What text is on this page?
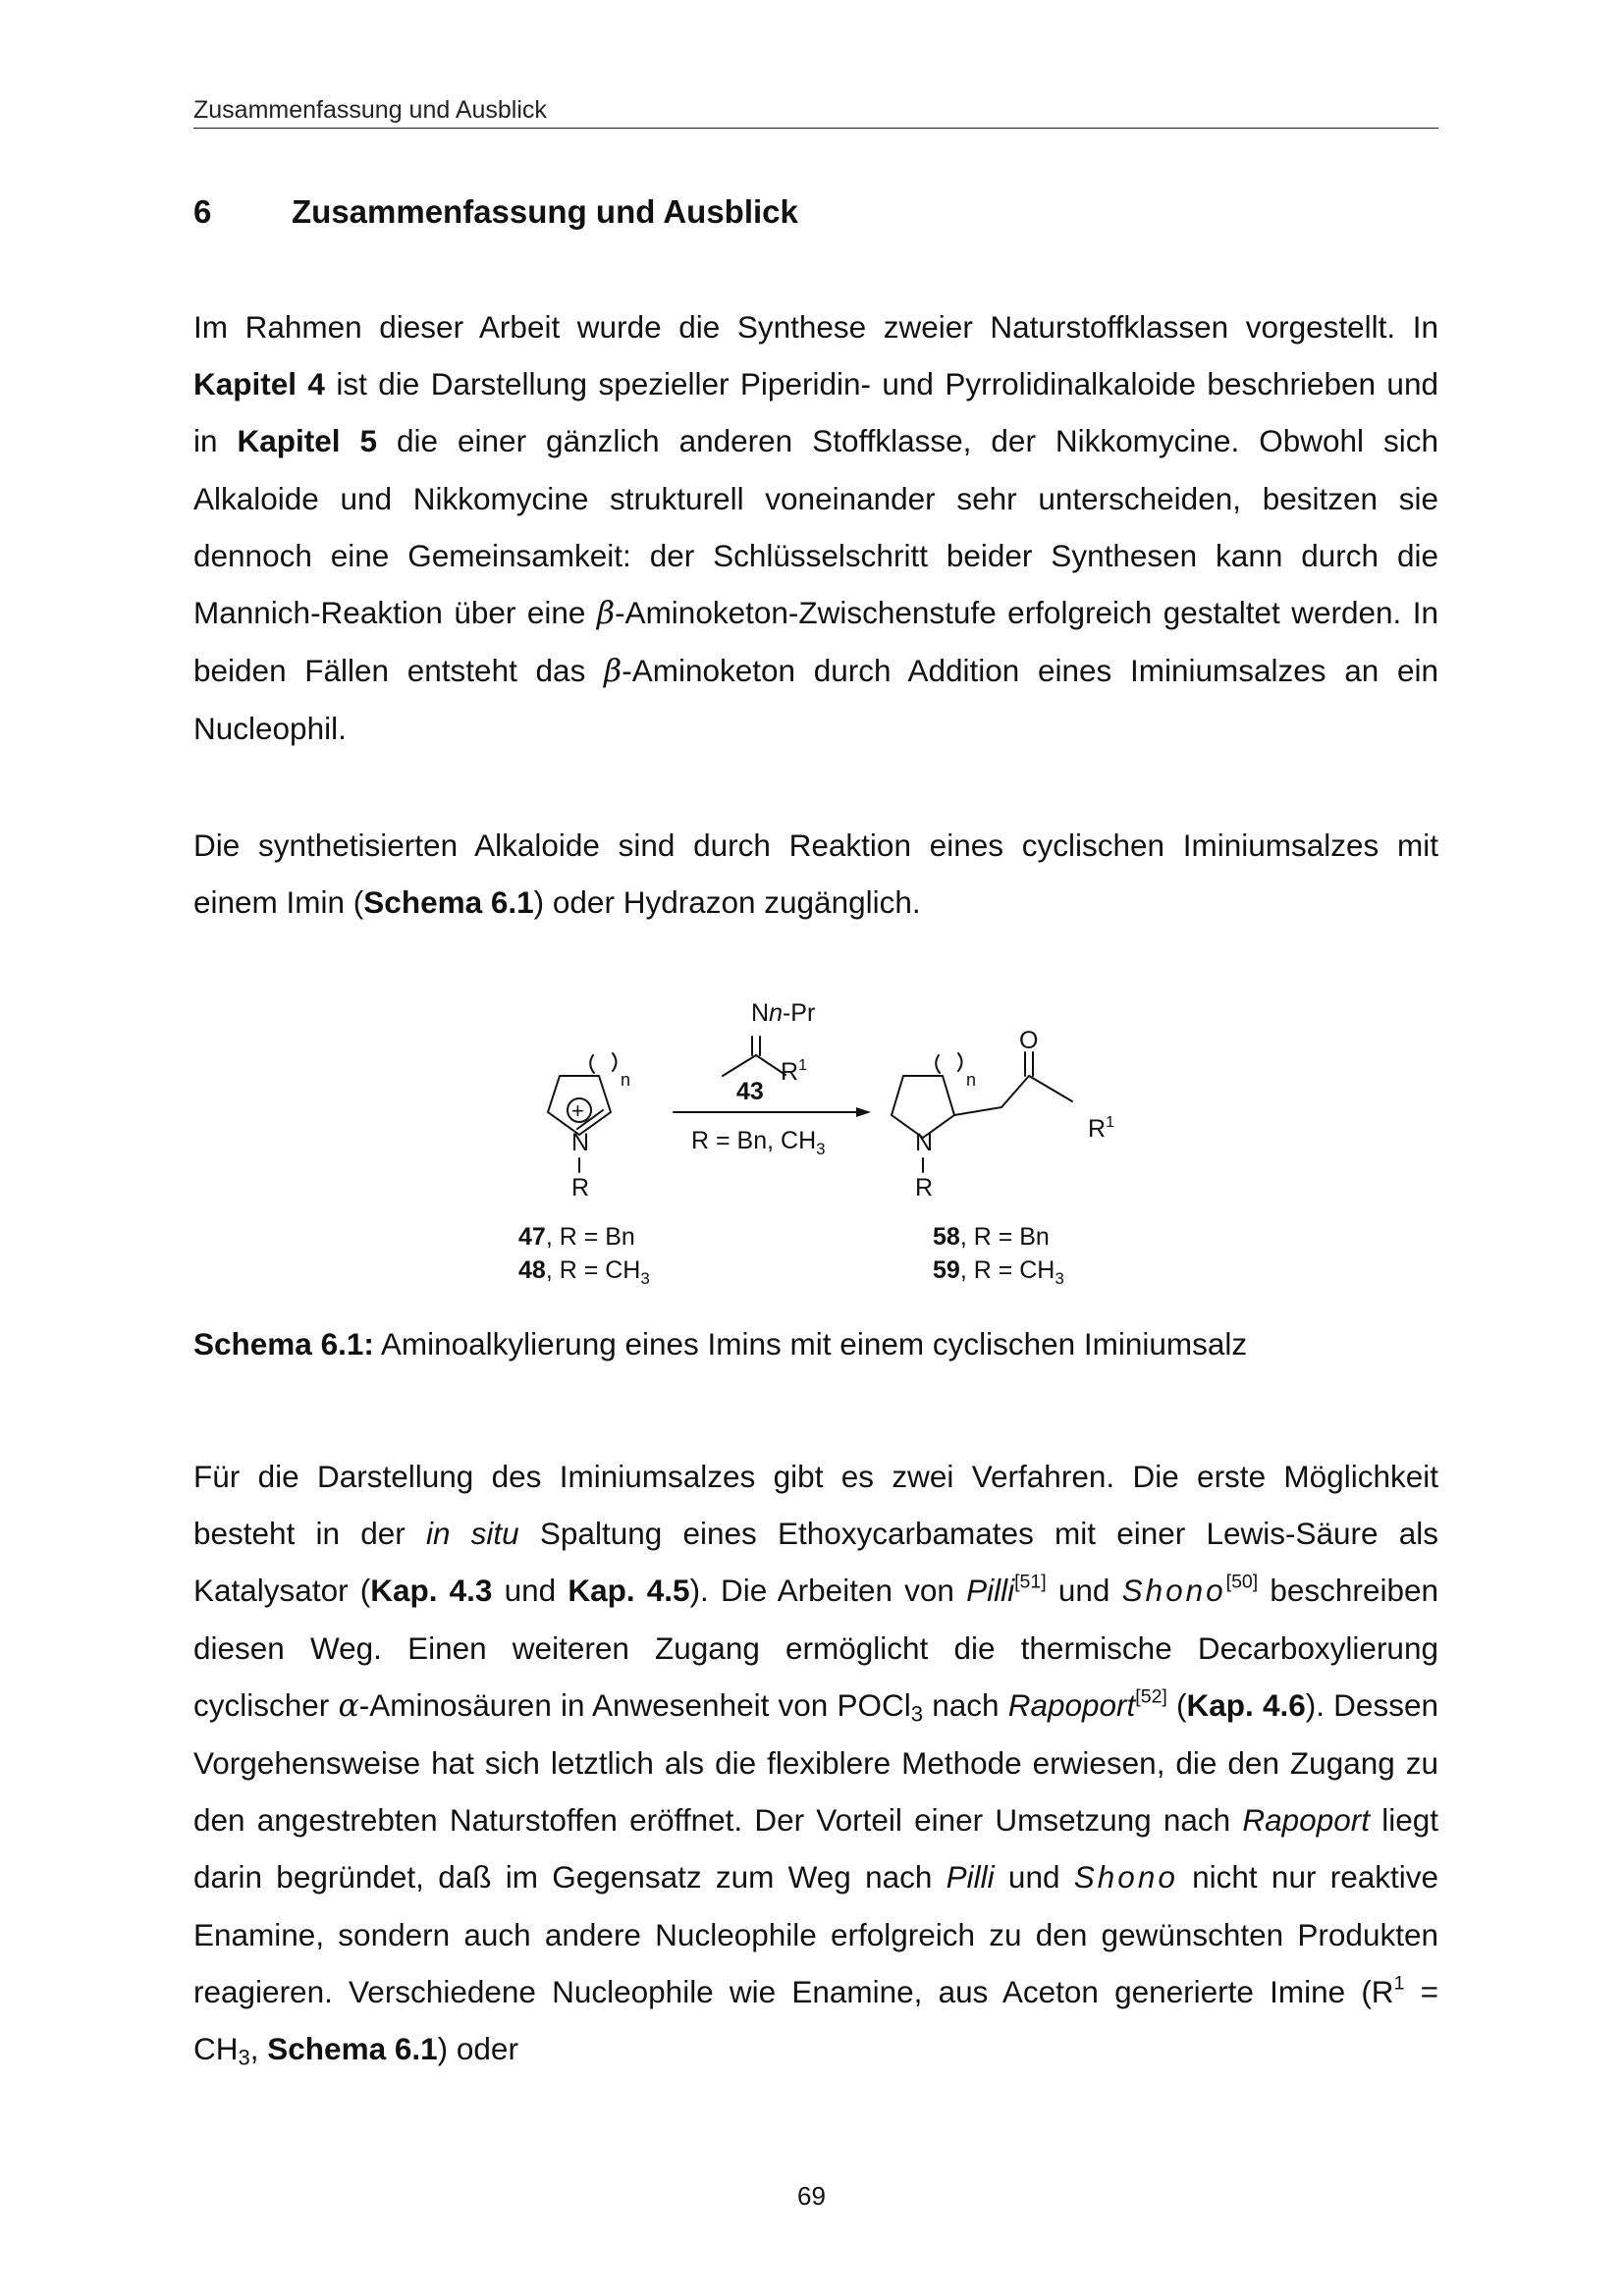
Zusammenfassung und Ausblick
6 Zusammenfassung und Ausblick
Im Rahmen dieser Arbeit wurde die Synthese zweier Naturstoffklassen vorgestellt. In Kapitel 4 ist die Darstellung spezieller Piperidin- und Pyrrolidinalkaloide beschrieben und in Kapitel 5 die einer gänzlich anderen Stoffklasse, der Nikkomycine. Obwohl sich Alkaloide und Nikkomycine strukturell voneinander sehr unterscheiden, besitzen sie dennoch eine Gemeinsamkeit: der Schlüsselschritt beider Synthesen kann durch die Mannich-Reaktion über eine β-Aminoketon-Zwischenstufe erfolgreich gestaltet werden. In beiden Fällen entsteht das β-Aminoketon durch Addition eines Iminiumsalzes an ein Nucleophil.
Die synthetisierten Alkaloide sind durch Reaktion eines cyclischen Iminiumsalzes mit einem Imin (Schema 6.1) oder Hydrazon zugänglich.
Nn-Pr
$R^1$
43
R = Bn, $CH_3$
n	n
+
N
R
N
R
O
$R^1$
47, R = Bn
48, $R = CH_3$
58, R = Bn
59, $R = CH_3$
Schema 6.1: Aminoalkylierung eines Imins mit einem cyclischen Iminiumsalz
Für die Darstellung des Iminiumsalzes gibt es zwei Verfahren. Die erste Möglichkeit besteht in der in situ Spaltung eines Ethoxycarbamates mit einer Lewis-Säure als Katalysator (Kap. 4.3 und Kap. 4.5). Die Arbeiten von Pilli[51] und Shono[50] beschreiben diesen Weg. Einen weiteren Zugang ermöglicht die thermische Decarboxylierung cyclischer α-Aminosäuren in Anwesenheit von POCl$_3$ nach Rapoport[52] (Kap. 4.6). Dessen Vorgehensweise hat sich letztlich als die flexiblere Methode erwiesen, die den Zugang zu den angestrebten Naturstoffen eröffnet. Der Vorteil einer Umsetzung nach Rapoport liegt darin begründet, daß im Gegensatz zum Weg nach Pilli und Shono nicht nur reaktive Enamine, sondern auch andere Nucleophile erfolgreich zu den gewünschten Produkten reagieren. Verschiedene Nucleophile wie Enamine, aus Aceton generierte Imine ($R^1 = CH_3$, Schema 6.1) oder
69
